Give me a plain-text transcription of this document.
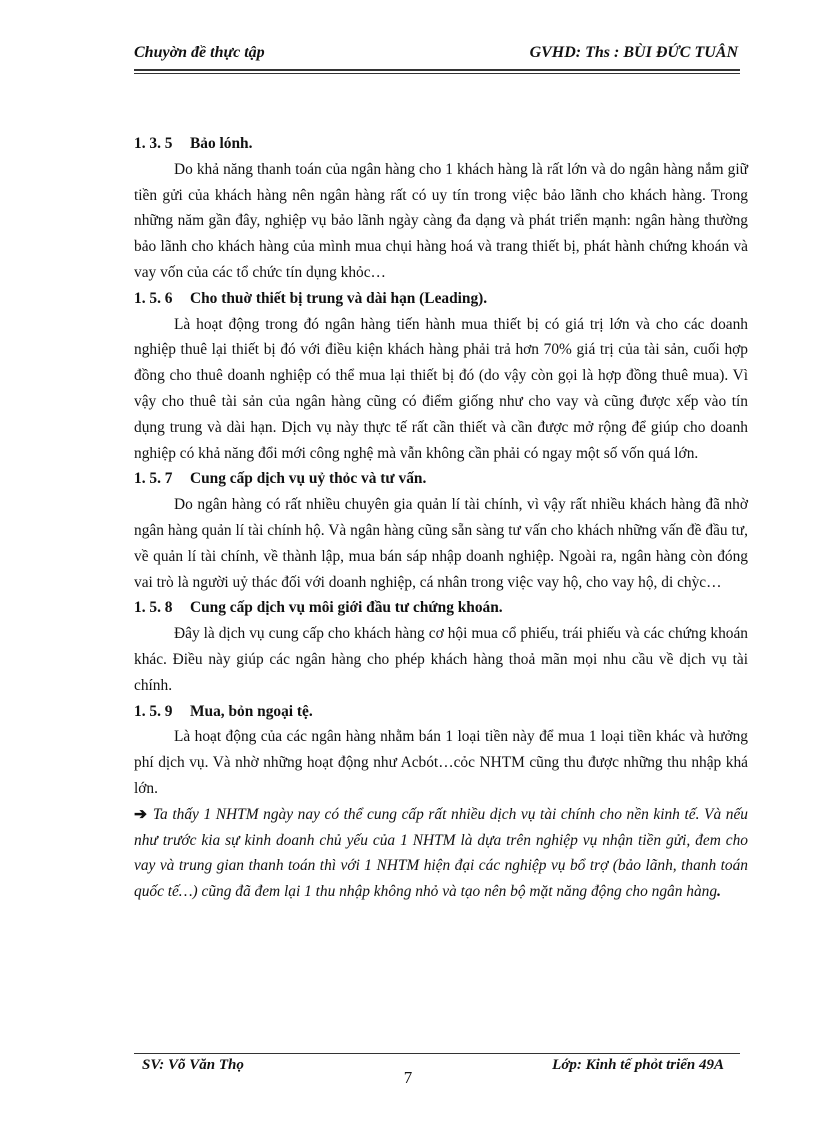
Chuyờn đề thực tập	GVHD: Ths : BÙI ĐỨC TUÂN

1. 3. 5 Bảo lónh.

Do khả năng thanh toán của ngân hàng cho 1 khách hàng là rất lớn và do ngân hàng nắm giữ tiền gửi của khách hàng nên ngân hàng rất có uy tín trong việc bảo lãnh cho khách hàng. Trong những năm gần đây, nghiệp vụ bảo lãnh ngày càng đa dạng và phát triển mạnh: ngân hàng thường bảo lãnh cho khách hàng của mình mua chụi hàng hoá và trang thiết bị, phát hành chứng khoán và vay vốn của các tổ chức tín dụng khỏc…

1. 5. 6 Cho thuờ thiết bị trung và dài hạn (Leading).

Là hoạt động trong đó ngân hàng tiến hành mua thiết bị có giá trị lớn và cho các doanh nghiệp thuê lại thiết bị đó với điều kiện khách hàng phải trả hơn 70% giá trị của tài sản, cuối hợp đồng cho thuê doanh nghiệp có thể mua lại thiết bị đó (do vậy còn gọi là hợp đồng thuê mua). Vì vậy cho thuê tài sản của ngân hàng cũng có điểm giống như cho vay và cũng được xếp vào tín dụng trung và dài hạn. Dịch vụ này thực tế rất cần thiết và cần được mở rộng để giúp cho doanh nghiệp có khả năng đổi mới công nghệ mà vẫn không cần phải có ngay một số vốn quá lớn.

1. 5. 7 Cung cấp dịch vụ uỷ thỏc và tư vấn.

Do ngân hàng có rất nhiều chuyên gia quản lí tài chính, vì vậy rất nhiều khách hàng đã nhờ ngân hàng quản lí tài chính hộ. Và ngân hàng cũng sẵn sàng tư vấn cho khách những vấn đề đầu tư, về quản lí tài chính, về thành lập, mua bán sáp nhập doanh nghiệp. Ngoài ra, ngân hàng còn đóng vai trò là người uỷ thác đối với doanh nghiệp, cá nhân trong việc vay hộ, cho vay hộ, di chỳc…

1. 5. 8 Cung cấp dịch vụ môi giới đầu tư chứng khoán.

Đây là dịch vụ cung cấp cho khách hàng cơ hội mua cổ phiếu, trái phiếu và các chứng khoán khác. Điều này giúp các ngân hàng cho phép khách hàng thoả mãn mọi nhu cầu về dịch vụ tài chính.

1. 5. 9 Mua, bỏn ngoại tệ.

Là hoạt động của các ngân hàng nhằm bán 1 loại tiền này để mua 1 loại tiền khác và hưởng phí dịch vụ. Và nhờ những hoạt động như Acbót…cỏc NHTM cũng thu được những thu nhập khá lớn.

➔ Ta thấy 1 NHTM ngày nay có thể cung cấp rất nhiều dịch vụ tài chính cho nền kinh tế. Và nếu như trước kia sự kinh doanh chủ yếu của 1 NHTM là dựa trên nghiệp vụ nhận tiền gửi, đem cho vay và trung gian thanh toán thì với 1 NHTM hiện đại các nghiệp vụ bổ trợ (bảo lãnh, thanh toán quốc tế…) cũng đã đem lại 1 thu nhập không nhỏ và tạo nên bộ mặt năng động cho ngân hàng.

SV: Võ Văn Thọ	Lớp: Kinh tế phỏt triển 49A
7
